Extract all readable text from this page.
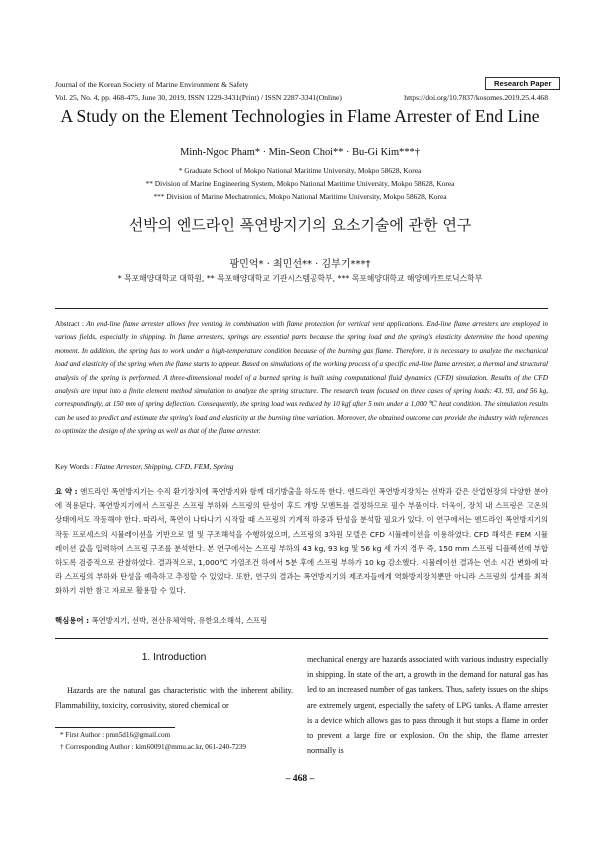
Journal of the Korean Society of Marine Environment & Safety	Research Paper
Vol. 25, No. 4, pp. 468-475, June 30, 2019, ISSN 1229-3431(Print) / ISSN 2287-3341(Online)	https://doi.org/10.7837/kosomes.2019.25.4.468
A Study on the Element Technologies in Flame Arrester of End Line
Minh-Ngoc Pham* · Min-Seon Choi** · Bu-Gi Kim***†
* Graduate School of Mokpo National Maritime University, Mokpo 58628, Korea
** Division of Marine Engineering System, Mokpo National Maritime University, Mokpo 58628, Korea
*** Division of Marine Mechatronics, Mokpo National Maritime University, Mokpo 58628, Korea
선박의 엔드라인 폭연방지기의 요소기술에 관한 연구
팜민억* · 최민선** · 김부기***†
* 목포해양대학교 대학원, ** 목포해양대학교 기관시스템공학부, *** 목포해양대학교 해양메카트로닉스학부
Abstract : An end-line flame arrester allows free venting in combination with flame protection for vertical vent applications. End-line flame arresters are employed in various fields, especially in shipping. In flame arresters, springs are essential parts because the spring load and the spring's elasticity determine the hood opening moment. In addition, the spring has to work under a high-temperature condition because of the burning gas flame. Therefore, it is necessary to analyze the mechanical load and elasticity of the spring when the flame starts to appear. Based on simulations of the working process of a specific end-line flame arrester, a thermal and structural analysis of the spring is performed. A three-dimensional model of a burned spring is built using computational fluid dynamics (CFD) simulation. Results of the CFD analysis are input into a finite element method simulation to analyze the spring structure. The research team focused on three cases of spring loads: 43, 93, and 56 kg, correspondingly, at 150 mm of spring deflection. Consequently, the spring load was reduced by 10 kgf after 5 min under a 1,000 ℃ heat condition. The simulation results can be used to predict and estimate the spring's load and elasticity at the burning time variation. Moreover, the obtained outcome can provide the industry with references to optimize the design of the spring as well as that of the flame arrester.
Key Words : Flame Arrester, Shipping, CFD, FEM, Spring
요 약 : 엔드라인 폭연방지기는 수직 환기장치에 폭연방지와 함께 대기방출을 하도록 한다. 엔드라인 폭연방지장치는 선박과 같은 산업현장의 다양한 분야에 적용된다. 폭연방지기에서 스프링은 스프링 부하와 스프링의 탄성이 후드 개방 모멘트를 결정하므로 필수 부품이다. 더욱이, 장치 내 스프링은 고온의 상태에서도 작동해야 한다. 따라서, 폭연이 나타나기 시작할 때 스프링의 기계적 하중과 탄성을 분석할 필요가 있다. 이 연구에서는 엔드라인 폭연방지기의 작동 프로세스의 시뮬레이션을 기반으로 열 및 구조해석을 수행하였으며, 스프링의 3차원 모델은 CFD 시뮬레이션을 이용하였다. CFD 해석은 FEM 시뮬레이션 값을 입력하여 스프링 구조를 분석한다. 본 연구에서는 스프링 부하의 43 kg, 93 kg 및 56 kg 세 가지 경우 즉, 150 mm 스프링 디플렉션에 부합하도록 검증적으로 관찰하였다. 결과적으로, 1,000℃ 가열조건 하에서 5분 후에 스프링 부하가 10 kg 감소했다. 시뮬레이션 결과는 연소 시간 변화에 따라 스프링의 부하와 탄성을 예측하고 추정할 수 있었다. 또한, 연구의 결과는 폭연방지기의 제조자들에게 역화방지장치뿐만 아니라 스프링의 설계를 최적화하기 위한 참고 자료로 활용할 수 있다.
핵심용어 : 폭연방지기, 선박, 전산유체역학, 유한요소해석, 스프링
1. Introduction
Hazards are the natural gas characteristic with the inherent ability. Flammability, toxicity, corrosivity, stored chemical or
mechanical energy are hazards associated with various industry especially in shipping. In state of the art, a growth in the demand for natural gas has led to an increased number of gas tankers. Thus, safety issues on the ships are extremely urgent, especially the safety of LPG tanks. A flame arrester is a device which allows gas to pass through it but stops a flame in order to prevent a large fire or explosion. On the ship, the flame arrester normally is
* First Author : pmn5d16@gmail.com
† Corresponding Author : kim60091@mmu.ac.kr, 061-240-7239
– 468 –
